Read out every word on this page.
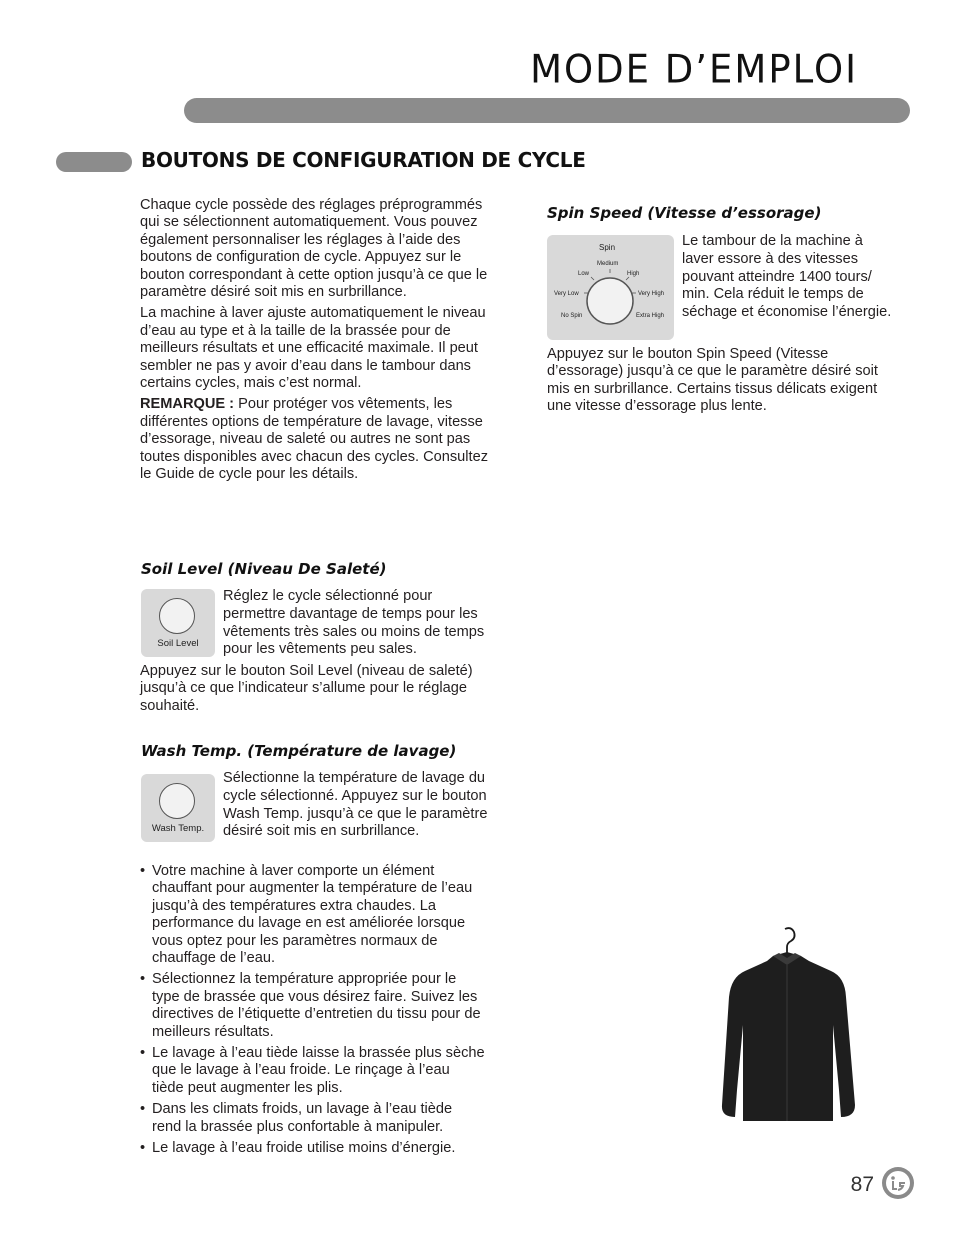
MODE D’EMPLOI
BOUTONS DE CONFIGURATION DE CYCLE

Chaque cycle possède des réglages préprogrammés qui se sélectionnent automatiquement. Vous pouvez également personnaliser les réglages à l’aide des boutons de configuration de cycle. Appuyez sur le bouton correspondant à cette option jusqu’à ce que le paramètre désiré soit mis en surbrillance.

La machine à laver ajuste automatiquement le niveau d’eau au type et à la taille de la brassée pour de meilleurs résultats et une efficacité maximale. Il peut sembler ne pas y avoir d’eau dans le tambour dans certains cycles, mais c’est normal.

REMARQUE : Pour protéger vos vêtements, les différentes options de température de lavage, vitesse d’essorage, niveau de saleté ou autres ne sont pas toutes disponibles avec chacun des cycles. Consultez le Guide de cycle pour les détails.

Soil Level (Niveau De Saleté)
Soil Level
Réglez le cycle sélectionné pour permettre davantage de temps pour les vêtements très sales ou moins de temps pour les vêtements peu sales.
Appuyez sur le bouton Soil Level (niveau de saleté) jusqu’à ce que l’indicateur s’allume pour le réglage souhaité.
Wash Temp. (Température de lavage)
Wash Temp.
Sélectionne la température de lavage du cycle sélectionné. Appuyez sur le bouton Wash Temp. jusqu’à ce que le paramètre désiré soit mis en surbrillance.
• Votre machine à laver comporte un élément chauffant pour augmenter la température de l’eau jusqu’à des températures extra chaudes. La performance du lavage en est améliorée lorsque vous optez pour les paramètres normaux de chauffage de l’eau.
• Sélectionnez la température appropriée pour le type de brassée que vous désirez faire. Suivez les directives de l’étiquette d’entretien du tissu pour de meilleurs résultats.
• Le lavage à l’eau tiède laisse la brassée plus sèche que le lavage à l’eau froide. Le rinçage à l’eau tiède peut augmenter les plis.
• Dans les climats froids, un lavage à l’eau tiède rend la brassée plus confortable à manipuler.
• Le lavage à l’eau froide utilise moins d’énergie.
Spin Speed (Vitesse d’essorage)
Spin
Medium
Low	High
Very Low	Very High
No Spin	Extra High
Le tambour de la machine à laver essore à des vitesses pouvant atteindre 1400 tours/ min. Cela réduit le temps de séchage et économise l’énergie.
Appuyez sur le bouton Spin Speed (Vitesse d’essorage) jusqu’à ce que le paramètre désiré soit mis en surbrillance. Certains tissus délicats exigent une vitesse d’essorage plus lente.
87
